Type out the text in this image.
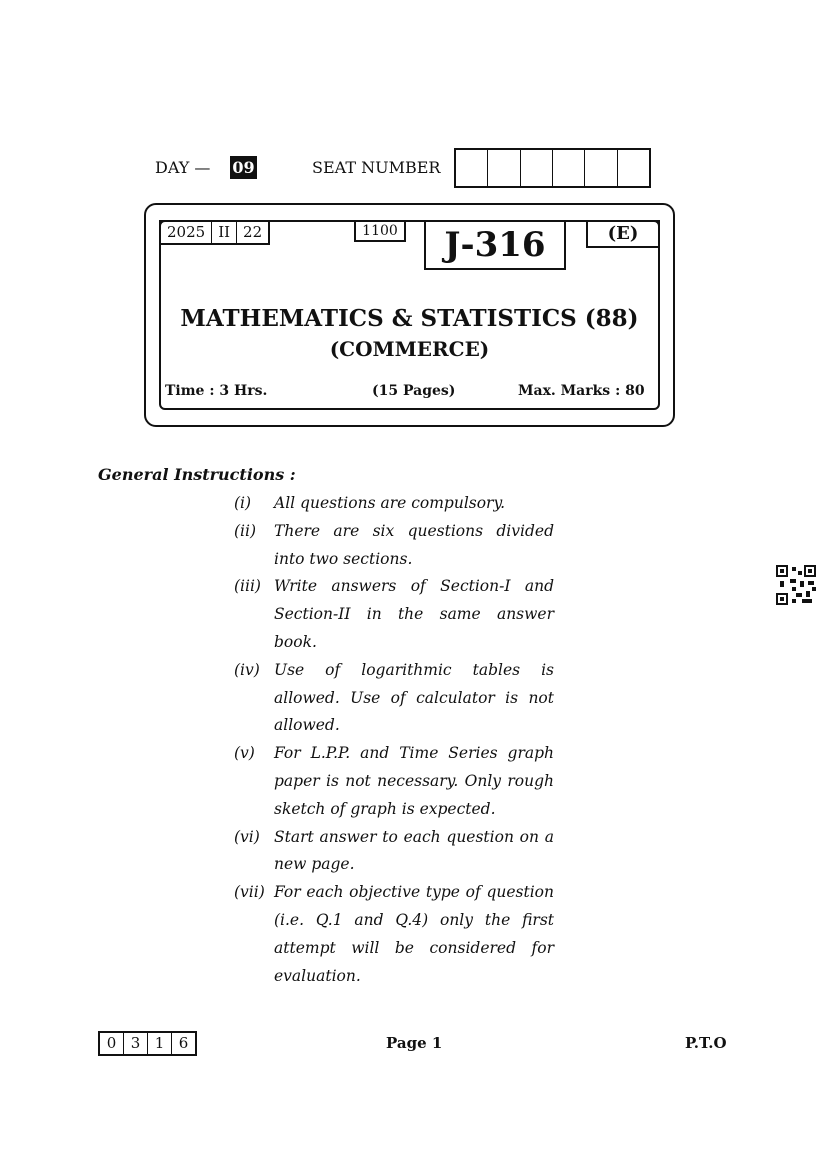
DAY — 09	SEAT NUMBER
2025 II 22	1100	J-316	(E)
MATHEMATICS & STATISTICS (88)
(COMMERCE)
Time : 3 Hrs.	(15 Pages)	Max. Marks : 80
General Instructions :
(i)	All questions are compulsory.
(ii)	There are six questions divided into two sections.
(iii) Write answers of Section-I and Section-II in the same answer book.
(iv) Use of logarithmic tables is allowed. Use of calculator is not allowed.
(v)	For L.P.P. and Time Series graph paper is not necessary. Only rough sketch of graph is expected.
(vi) Start answer to each question on a new page.
(vii) For each objective type of question (i.e. Q.1 and Q.4) only the first attempt will be considered for evaluation.
0 3 1 6	Page 1	P.T.O
